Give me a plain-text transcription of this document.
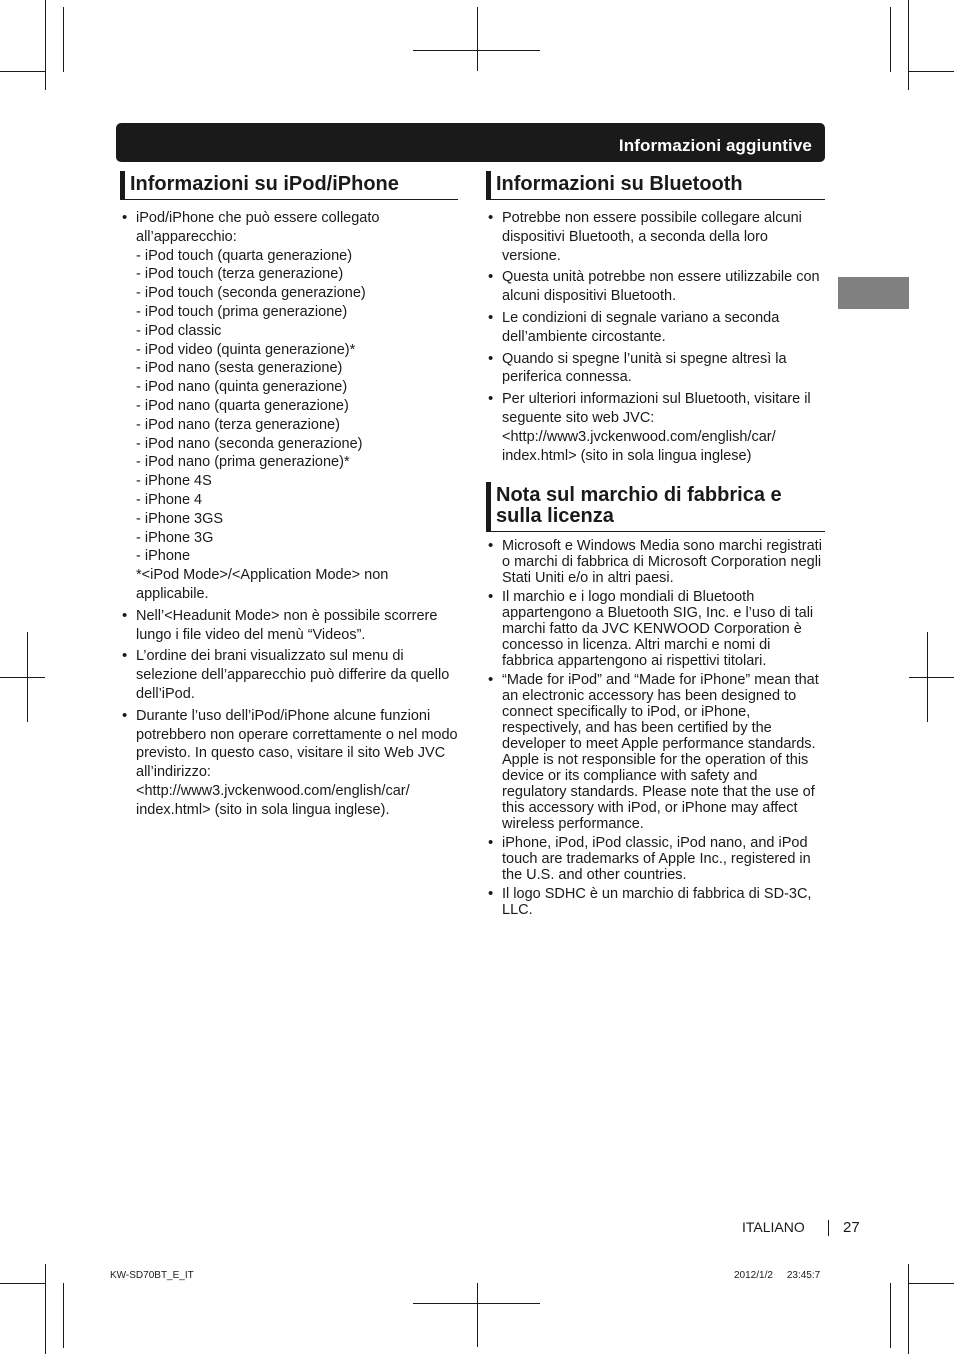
Informazioni aggiuntive
Informazioni su iPod/iPhone
• iPod/iPhone che può essere collegato all’apparecchio:
- iPod touch (quarta generazione)
- iPod touch (terza generazione)
- iPod touch (seconda generazione)
- iPod touch (prima generazione)
- iPod classic
- iPod video (quinta generazione)*
- iPod nano (sesta generazione)
- iPod nano (quinta generazione)
- iPod nano (quarta generazione)
- iPod nano (terza generazione)
- iPod nano (seconda generazione)
- iPod nano (prima generazione)*
- iPhone 4S
- iPhone 4
- iPhone 3GS
- iPhone 3G
- iPhone
*<iPod Mode>/<Application Mode> non applicabile.
• Nell’<Headunit Mode> non è possibile scorrere lungo i file video del menù “Videos”.
• L’ordine dei brani visualizzato sul menu di selezione dell’apparecchio può differire da quello dell’iPod.
• Durante l’uso dell’iPod/iPhone alcune funzioni potrebbero non operare correttamente o nel modo previsto. In questo caso, visitare il sito Web JVC all’indirizzo: <http://www3.jvckenwood.com/english/car/ index.html> (sito in sola lingua inglese).
Informazioni su Bluetooth
• Potrebbe non essere possibile collegare alcuni dispositivi Bluetooth, a seconda della loro versione.
• Questa unità potrebbe non essere utilizzabile con alcuni dispositivi Bluetooth.
• Le condizioni di segnale variano a seconda dell’ambiente circostante.
• Quando si spegne l’unità si spegne altresì la periferica connessa.
• Per ulteriori informazioni sul Bluetooth, visitare il seguente sito web JVC: <http://www3.jvckenwood.com/english/car/ index.html> (sito in sola lingua inglese)
Nota sul marchio di fabbrica e sulla licenza
• Microsoft e Windows Media sono marchi registrati o marchi di fabbrica di Microsoft Corporation negli Stati Uniti e/o in altri paesi.
• Il marchio e i logo mondiali di Bluetooth appartengono a Bluetooth SIG, Inc. e l’uso di tali marchi fatto da JVC KENWOOD Corporation è concesso in licenza. Altri marchi e nomi di fabbrica appartengono ai rispettivi titolari.
• “Made for iPod” and “Made for iPhone” mean that an electronic accessory has been designed to connect specifically to iPod, or iPhone, respectively, and has been certified by the developer to meet Apple performance standards. Apple is not responsible for the operation of this device or its compliance with safety and regulatory standards. Please note that the use of this accessory with iPod, or iPhone may affect wireless performance.
• iPhone, iPod, iPod classic, iPod nano, and iPod touch are trademarks of Apple Inc., registered in the U.S. and other countries.
• Il logo SDHC è un marchio di fabbrica di SD-3C, LLC.
ITALIANO	27
KW-SD70BT_E_IT	2012/1/2     23:45:7
